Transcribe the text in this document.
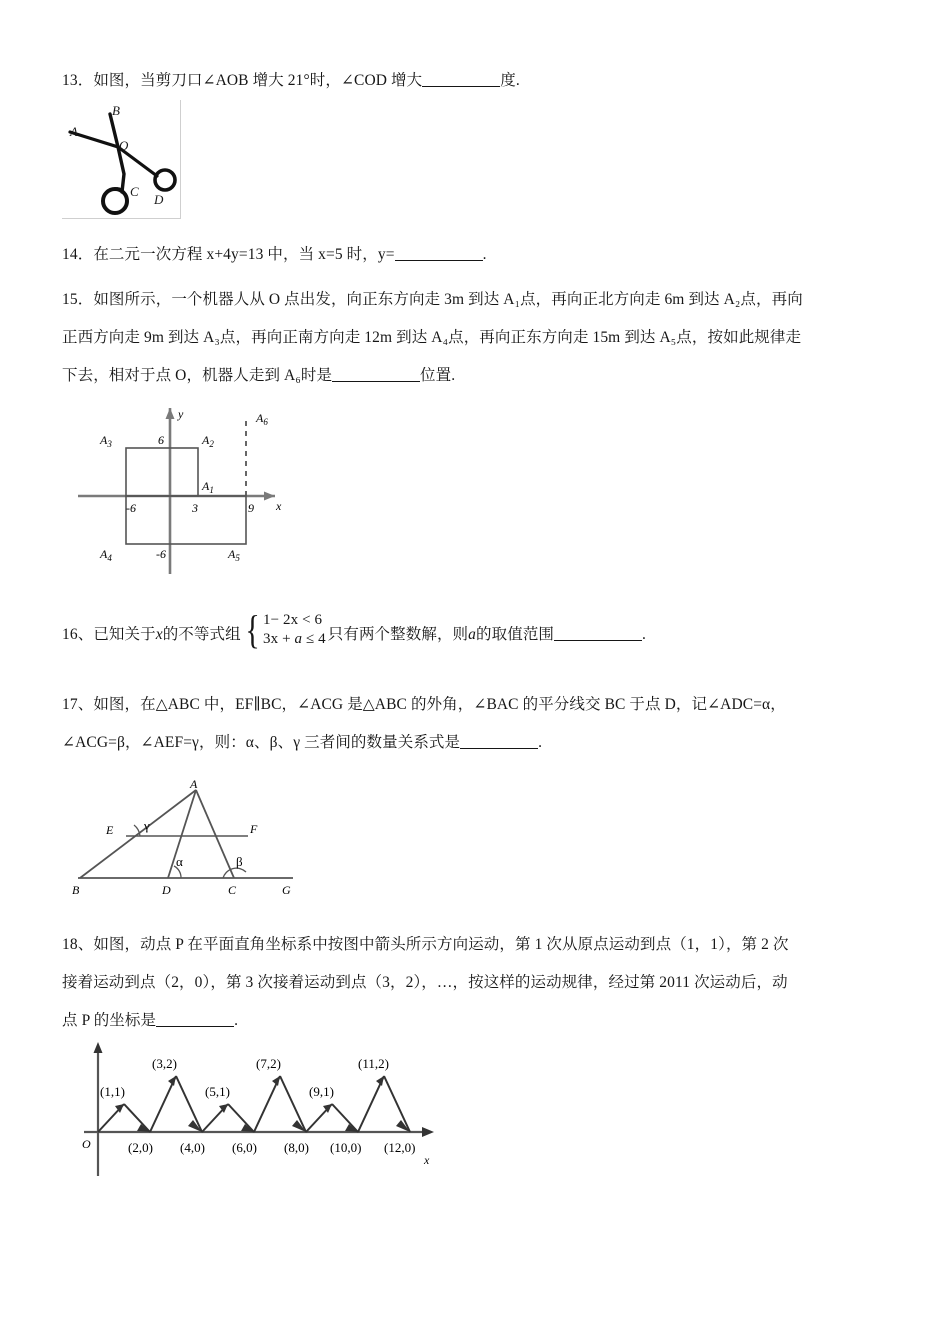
13．如图，当剪刀口∠AOB 增大 21°时，∠COD 增大	度.
A
B
O
C
D
14．在二元一次方程 x+4y=13 中，当 x=5 时，y=	.
15．如图所示，一个机器人从 O 点出发，向正东方向走 3m 到达 A₁点，再向正北方向走 6m 到达 A₂点，再向
正西方向走 9m 到达 A₃点，再向正南方向走 12m 到达 A₄点，再向正东方向走 15m 到达 A₅点，按如此规律走
下去，相对于点 O，机器人走到 A₆时是	位置.
x
y
6
-6	3	9
-6
$A_1$
$A_2$
$A_3$
$A_4$	$A_5$
$A_6$
16、已知关于x的不等式组 { 1− 2x < 6
3x + a ≤ 4 只有两个整数解，则a的取值范围	.
17、如图，在△ABC 中，EF∥BC，∠ACG 是△ABC 的外角，∠BAC 的平分线交 BC 于点 D，记∠ADC=α，
∠ACG=β，∠AEF=γ，则：α、β、γ 三者间的数量关系式是	.
A
E	F
B	D	C	G
γ
α	β
18、如图，动点 P 在平面直角坐标系中按图中箭头所示方向运动，第 1 次从原点运动到点（1，1），第 2 次
接着运动到点（2，0），第 3 次接着运动到点（3，2），…，按这样的运动规律，经过第 2011 次运动后，动
点 P 的坐标是	.
O
x
(1,1)
(3,2)
(5,1)
(7,2)
(9,1)
(11,2)
(2,0) (4,0) (6,0) (8,0) (10,0) (12,0)
